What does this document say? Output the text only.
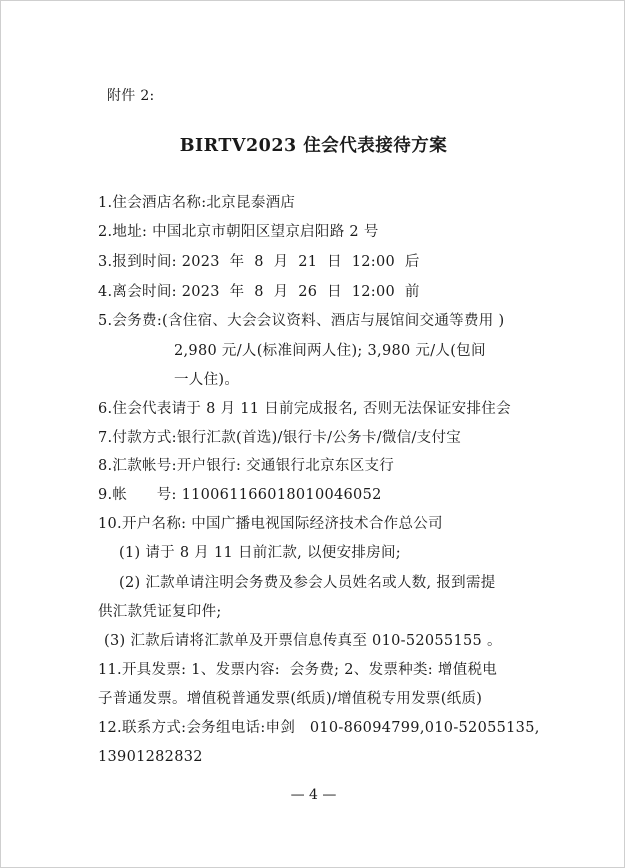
附件 2:
BIRTV2023 住会代表接待方案
1.住会酒店名称:北京昆泰酒店
2.地址: 中国北京市朝阳区望京启阳路 2 号
3.报到时间: 2023  年  8  月  21  日  12:00  后
4.离会时间: 2023  年  8  月  26  日  12:00  前
5.会务费:(含住宿、大会会议资料、酒店与展馆间交通等费用 )
2,980 元/人(标准间两人住); 3,980 元/人(包间
一人住)。
6.住会代表请于 8 月 11 日前完成报名, 否则无法保证安排住会
7.付款方式:银行汇款(首选)/银行卡/公务卡/微信/支付宝
8.汇款帐号:开户银行: 交通银行北京东区支行
9.帐      号: 110061166018010046052
10.开户名称: 中国广播电视国际经济技术合作总公司
(1) 请于 8 月 11 日前汇款, 以便安排房间;
(2) 汇款单请注明会务费及参会人员姓名或人数, 报到需提
供汇款凭证复印件;
(3) 汇款后请将汇款单及开票信息传真至 010-52055155 。
11.开具发票: 1、发票内容:  会务费; 2、发票种类: 增值税电
子普通发票。增值税普通发票(纸质)/增值税专用发票(纸质)
12.联系方式:会务组电话:申剑   010-86094799,010-52055135,
13901282832
— 4 —
